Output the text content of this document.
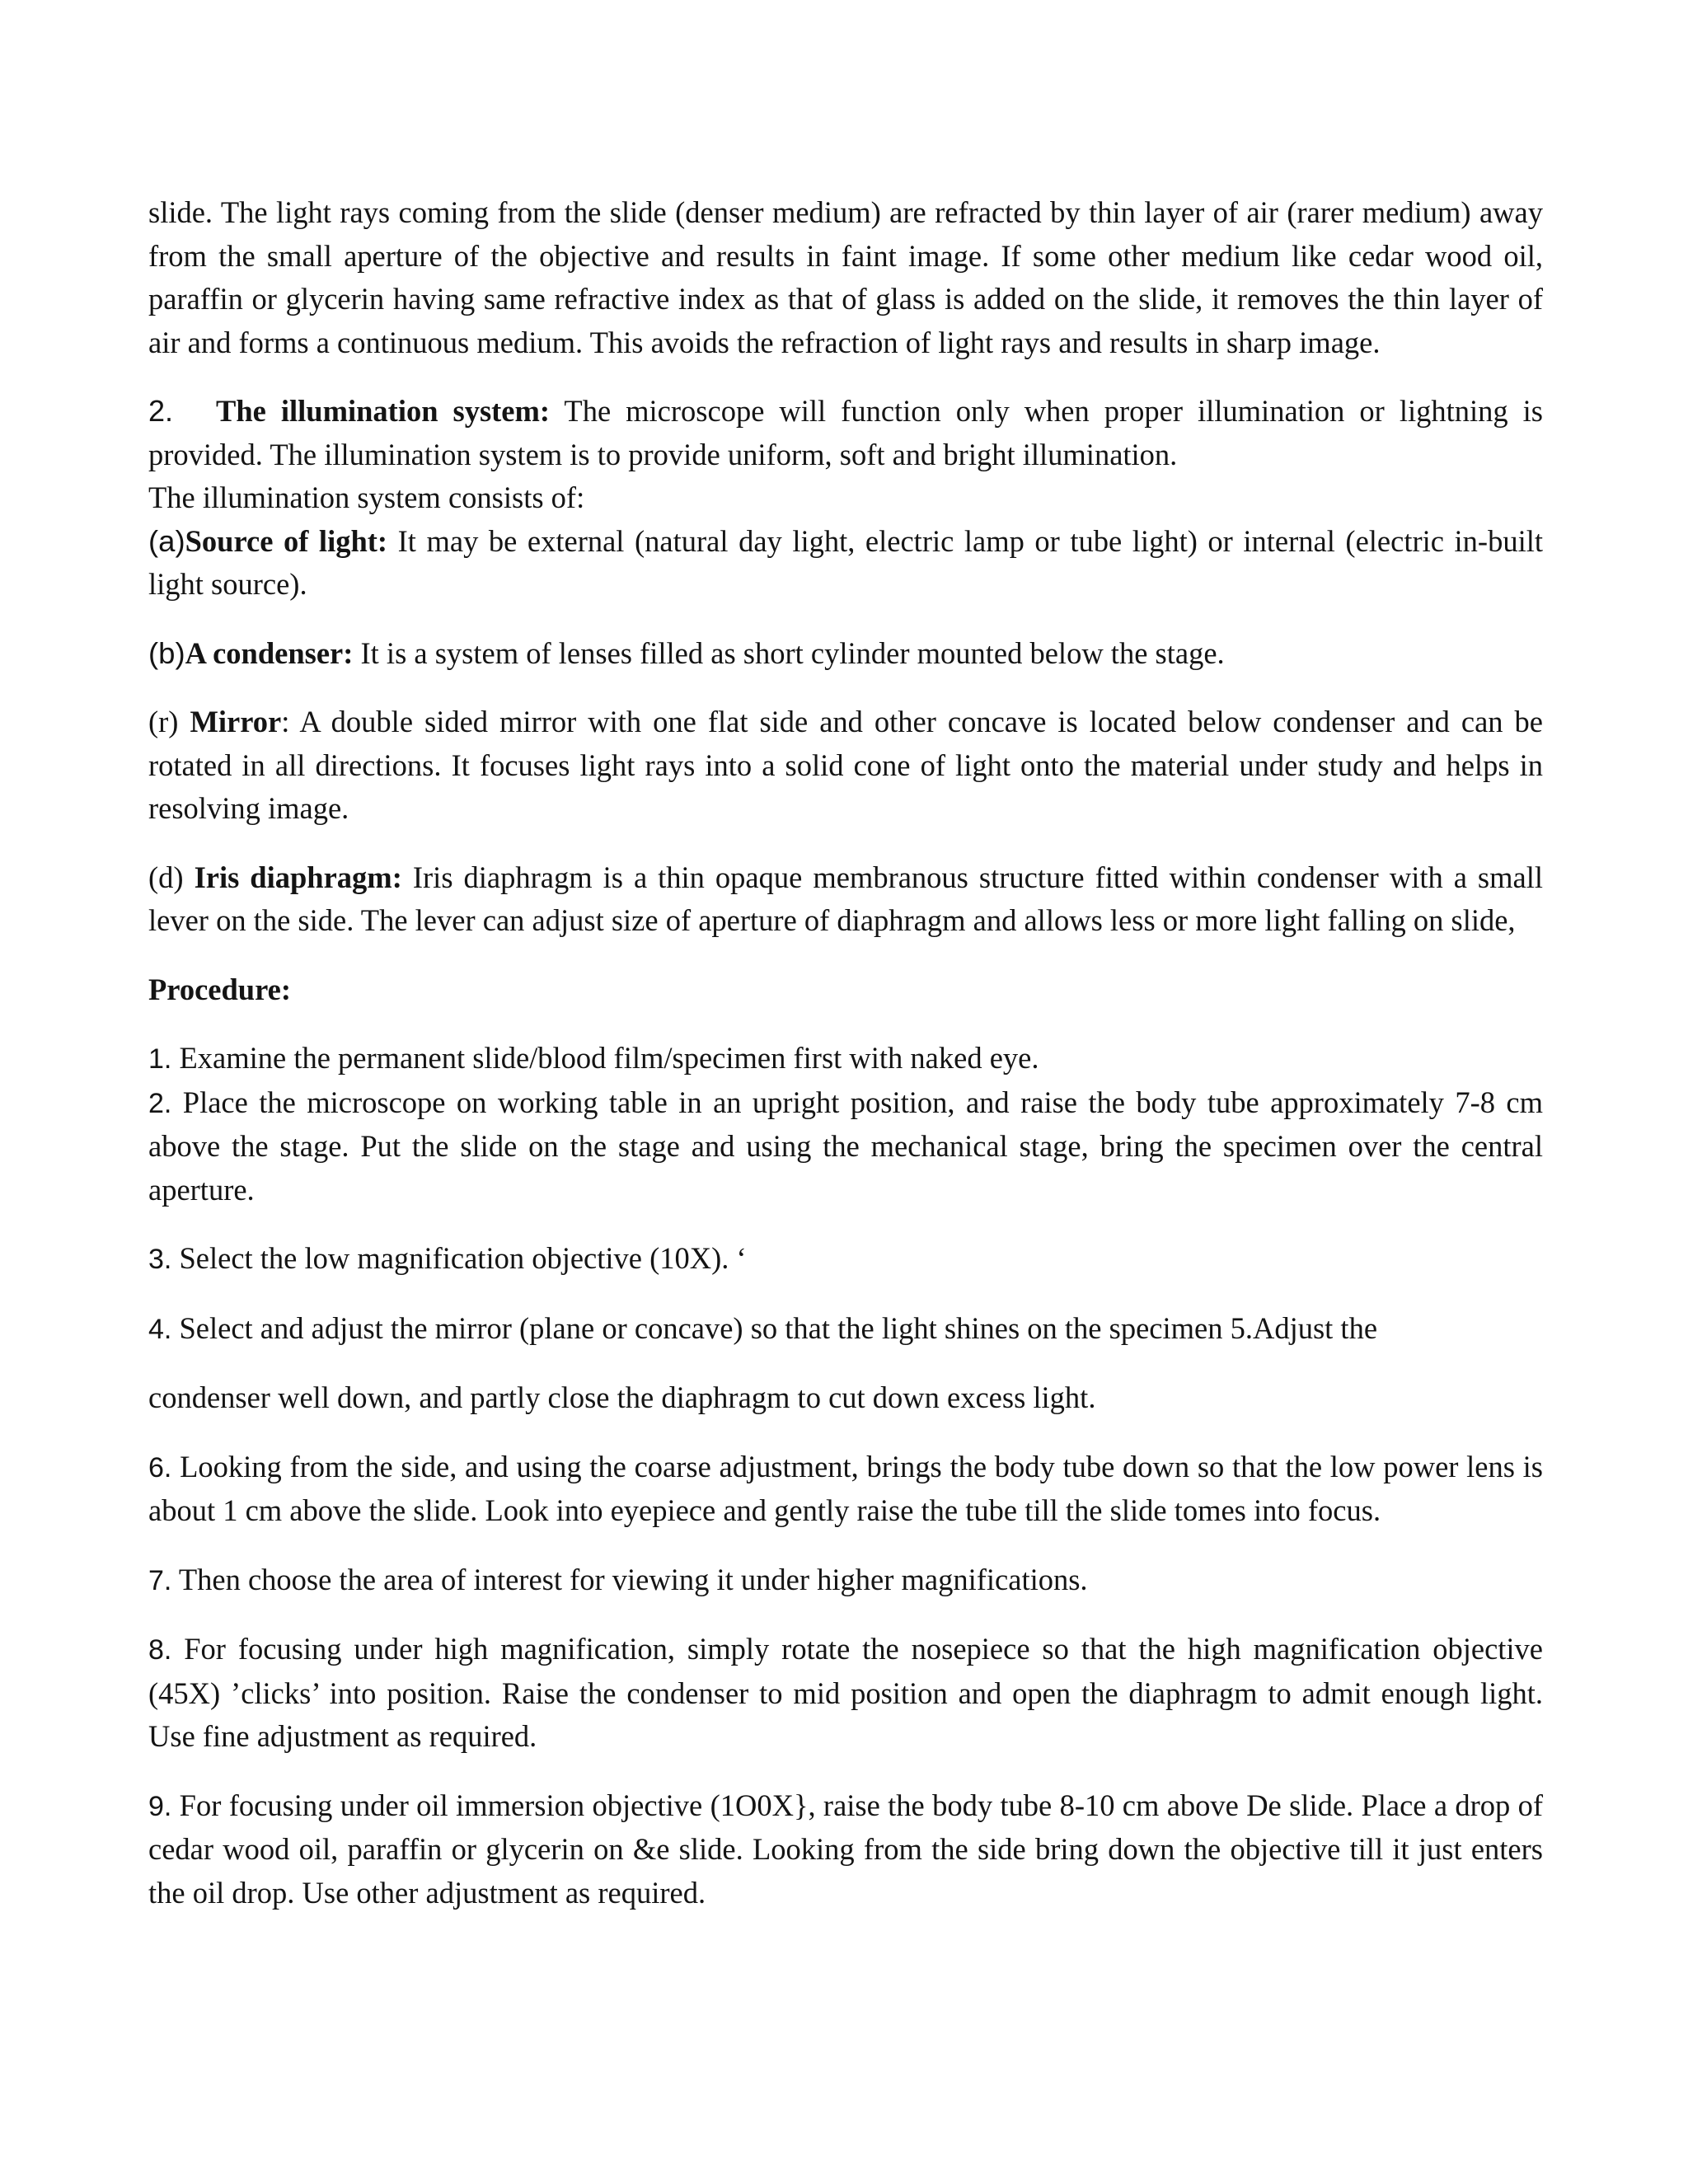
slide. The light rays coming from the slide (denser medium) are refracted by thin layer of air (rarer medium) away from the small aperture of the objective and results in faint image. If some other medium like cedar wood oil, paraffin or glycerin having same refractive index as that of glass is added on the slide, it removes the thin layer of air and forms a continuous medium. This avoids the refraction of light rays and results in sharp image.

2. The illumination system: The microscope will function only when proper illumination or lightning is provided. The illumination system is to provide uniform, soft and bright illumination.

The illumination system consists of:

(a)Source of light: It may be external (natural day light, electric lamp or tube light) or internal (electric in-built light source).

(b)A condenser: It is a system of lenses filled as short cylinder mounted below the stage.

(r) Mirror: A double sided mirror with one flat side and other concave is located below condenser and can be rotated in all directions. It focuses light rays into a solid cone of light onto the material under study and helps in resolving image.

(d) Iris diaphragm: Iris diaphragm is a thin opaque membranous structure fitted within condenser with a small lever on the side. The lever can adjust size of aperture of diaphragm and allows less or more light falling on slide,

Procedure:

1. Examine the permanent slide/blood film/specimen first with naked eye.

2. Place the microscope on working table in an upright position, and raise the body tube approximately 7-8 cm above the stage. Put the slide on the stage and using the mechanical stage, bring the specimen over the central aperture.

3. Select the low magnification objective (10X). ‘

4. Select and adjust the mirror (plane or concave) so that the light shines on the specimen 5.Adjust the

condenser well down, and partly close the diaphragm to cut down excess light.

6. Looking from the side, and using the coarse adjustment, brings the body tube down so that the low power lens is about 1 cm above the slide. Look into eyepiece and gently raise the tube till the slide tomes into focus.

7. Then choose the area of interest for viewing it under higher magnifications.

8. For focusing under high magnification, simply rotate the nosepiece so that the high magnification objective (45X) ’clicks’ into position. Raise the condenser to mid position and open the diaphragm to admit enough light. Use fine adjustment as required.

9. For focusing under oil immersion objective (1O0X}, raise the body tube 8-10 cm above De slide. Place a drop of cedar wood oil, paraffin or glycerin on &e slide. Looking from the side bring down the objective till it just enters the oil drop. Use other adjustment as required.
